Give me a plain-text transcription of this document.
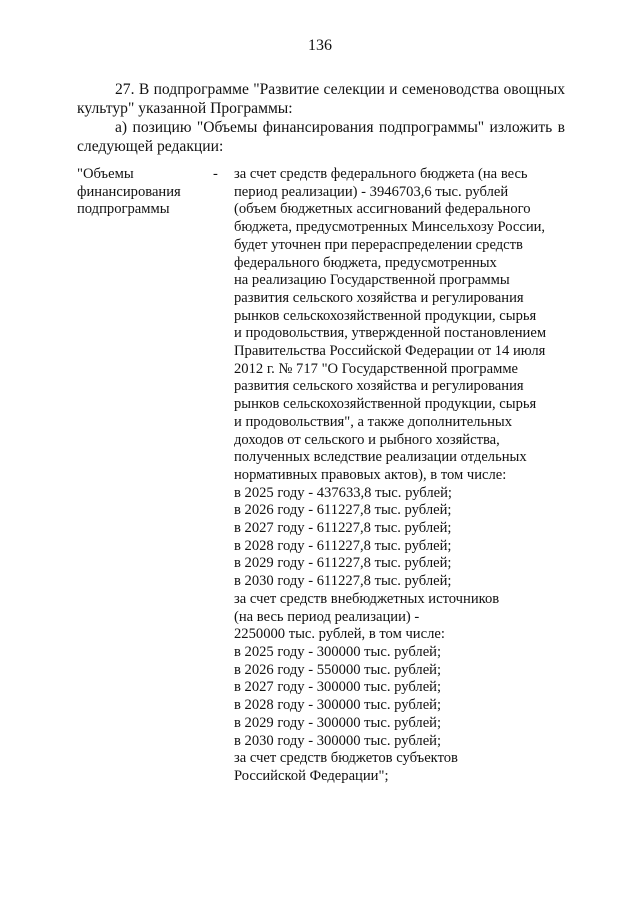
136

27. В подпрограмме "Развитие селекции и семеноводства овощных культур" указанной Программы:

а) позицию "Объемы финансирования подпрограммы" изложить в следующей редакции:

"Объемы
финансирования
подпрограммы
-	за счет средств федерального бюджета (на весь
период реализации) - 3946703,6 тыс. рублей
(объем бюджетных ассигнований федерального
бюджета, предусмотренных Минсельхозу России,
будет уточнен при перераспределении средств
федерального бюджета, предусмотренных
на реализацию Государственной программы
развития сельского хозяйства и регулирования
рынков сельскохозяйственной продукции, сырья
и продовольствия, утвержденной постановлением
Правительства Российской Федерации от 14 июля
2012 г. № 717 "О Государственной программе
развития сельского хозяйства и регулирования
рынков сельскохозяйственной продукции, сырья
и продовольствия", а также дополнительных
доходов от сельского и рыбного хозяйства,
полученных вследствие реализации отдельных
нормативных правовых актов), в том числе:
в 2025 году - 437633,8 тыс. рублей;
в 2026 году - 611227,8 тыс. рублей;
в 2027 году - 611227,8 тыс. рублей;
в 2028 году - 611227,8 тыс. рублей;
в 2029 году - 611227,8 тыс. рублей;
в 2030 году - 611227,8 тыс. рублей;
за счет средств внебюджетных источников
(на весь период реализации) -
2250000 тыс. рублей, в том числе:
в 2025 году - 300000 тыс. рублей;
в 2026 году - 550000 тыс. рублей;
в 2027 году - 300000 тыс. рублей;
в 2028 году - 300000 тыс. рублей;
в 2029 году - 300000 тыс. рублей;
в 2030 году - 300000 тыс. рублей;
за счет средств бюджетов субъектов
Российской Федерации";
